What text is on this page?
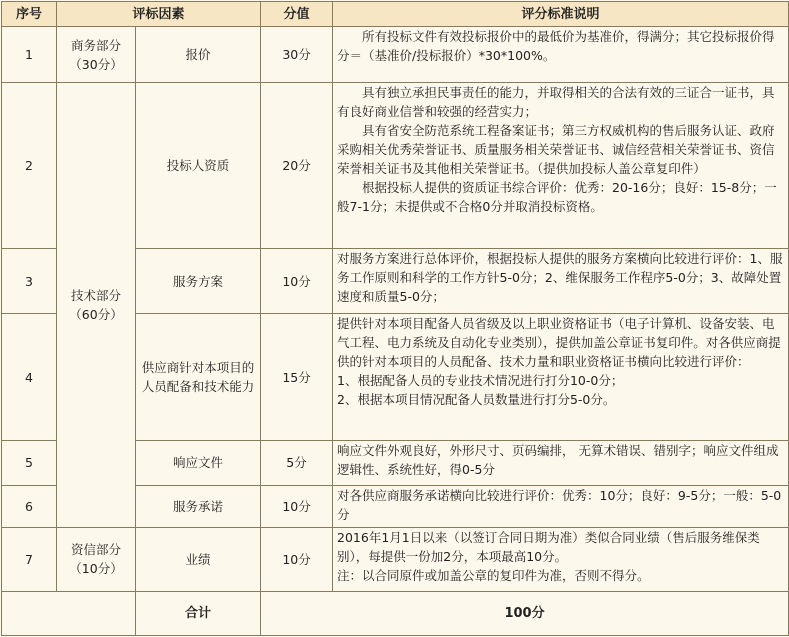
序号	评标因素		分值	评分标准说明
1	商务部分（30分）	报价	30分	所有投标文件有效投标报价中的最低价为基准价，得满分；其它投标报价得分＝（基准价/投标报价）*30*100%。

2	技术部分（60分）	投标人资质	20分	具有独立承担民事责任的能力，并取得相关的合法有效的三证合一证书，具有良好商业信誉和较强的经营实力；

具有省安全防范系统工程备案证书；第三方权威机构的售后服务认证、政府采购相关优秀荣誉证书、质量服务相关荣誉证书、诚信经营相关荣誉证书、资信荣誉相关证书及其他相关荣誉证书。（提供加投标人盖公章复印件）

根据投标人提供的资质证书综合评价：优秀：20-16分；良好：15-8分；一般7-1分；未提供或不合格0分并取消投标资格。

3		服务方案	10分	对服务方案进行总体评价，根据投标人提供的服务方案横向比较进行评价：1、服务工作原则和科学的工作方针5-0分；2、维保服务工作程序5-0分；3、故障处置速度和质量5-0分；

4		供应商针对本项目的人员配备和技术能力	15分	提供针对本项目配备人员省级及以上职业资格证书（电子计算机、设备安装、电气工程、电力系统及自动化专业类别），提供加盖公章证书复印件。对各供应商提供的针对本项目的人员配备、技术力量和职业资格证书横向比较进行评价：

1、根据配备人员的专业技术情况进行打分10-0分；

2、根据本项目情况配备人员数量进行打分5-0分。

5		响应文件	5分	响应文件外观良好，外形尺寸、页码编排， 无算术错误、错别字；响应文件组成逻辑性、系统性好，得0-5分

6		服务承诺	10分	对各供应商服务承诺横向比较进行评价：优秀：10分；良好：9-5分；一般：5-0分

7	资信部分（10分）	业绩	10分	2016年1月1日以来（以签订合同日期为准）类似合同业绩（售后服务维保类别），每提供一份加2分，本项最高10分。

注：以合同原件或加盖公章的复印件为准，否则不得分。

		合计	100分	
